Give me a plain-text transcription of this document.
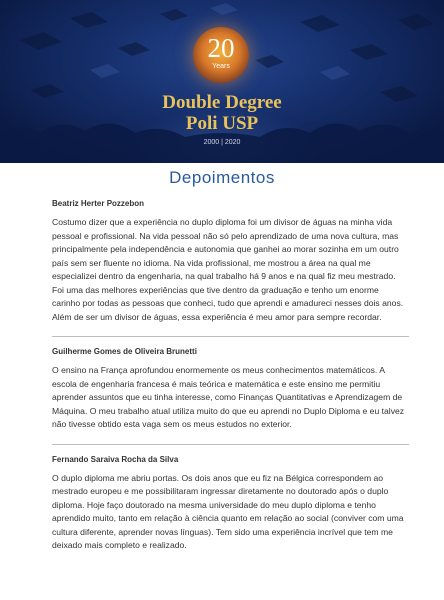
20
Years
Double Degree
Poli USP
2000 | 2020
Depoimentos

Beatriz Herter Pozzebon

Costumo dizer que a experiência no duplo diploma foi um divisor de águas na minha vida pessoal e profissional. Na vida pessoal não só pelo aprendizado de uma nova cultura, mas principalmente pela independência e autonomia que ganhei ao morar sozinha em um outro país sem ser fluente no idioma. Na vida profissional, me mostrou a área na qual me especializei dentro da engenharia, na qual trabalho há 9 anos e na qual fiz meu mestrado. Foi uma das melhores experiências que tive dentro da graduação e tenho um enorme carinho por todas as pessoas que conheci, tudo que aprendi e amadureci nesses dois anos. Além de ser um divisor de águas, essa experiência é meu amor para sempre recordar.

Guilherme Gomes de Oliveira Brunetti

O ensino na França aprofundou enormemente os meus conhecimentos matemáticos. A escola de engenharia francesa é mais teórica e matemática e este ensino me permitiu aprender assuntos que eu tinha interesse, como Finanças Quantitativas e Aprendizagem de Máquina. O meu trabalho atual utiliza muito do que eu aprendi no Duplo Diploma e eu talvez não tivesse obtido esta vaga sem os meus estudos no exterior.

Fernando Saraiva Rocha da Silva

O duplo diploma me abriu portas. Os dois anos que eu fiz na Bélgica correspondem ao mestrado europeu e me possibilitaram ingressar diretamente no doutorado após o duplo diploma. Hoje faço doutorado na mesma universidade do meu duplo diploma e tenho aprendido muito, tanto em relação à ciência quanto em relação ao social (conviver com uma cultura diferente, aprender novas línguas). Tem sido uma experiência incrível que tem me deixado mais completo e realizado.
